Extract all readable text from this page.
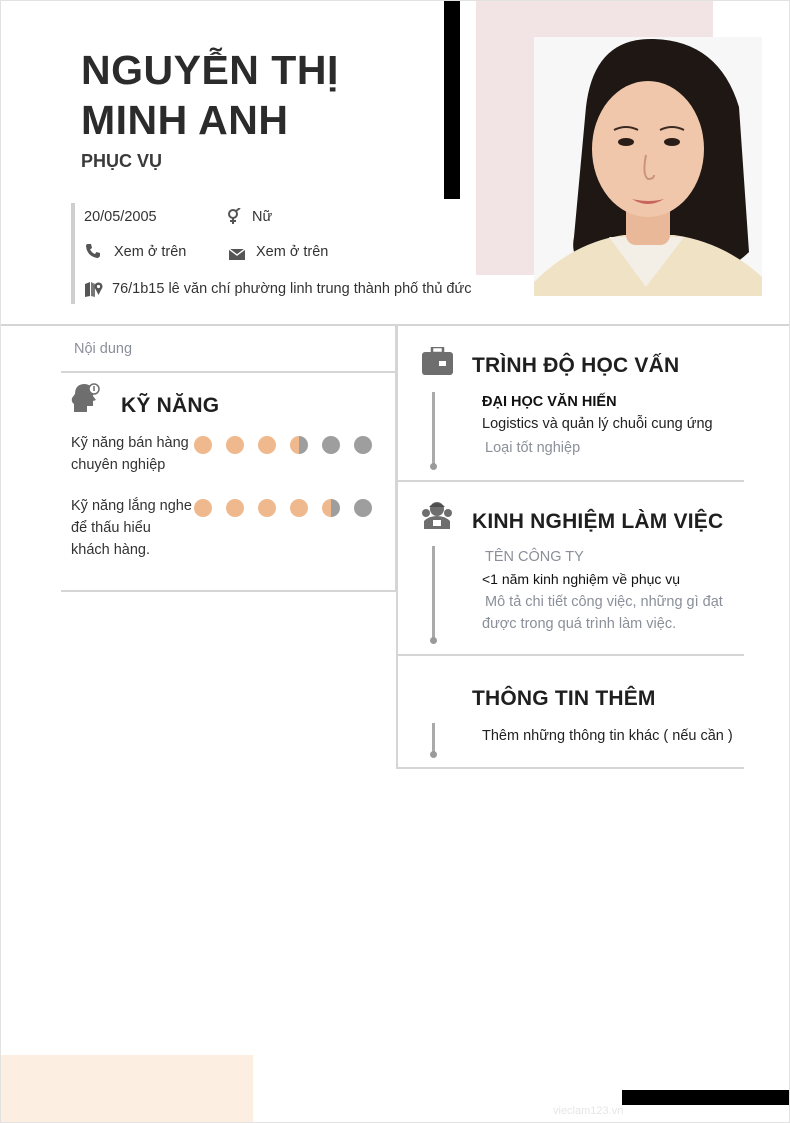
NGUYỄN THỊ
MINH ANH
PHỤC VỤ
20/05/2005	Nữ
Xem ở trên	Xem ở trên
76/1b15 lê văn chí phường linh trung thành phố thủ đức
Nội dung
KỸ NĂNG
Kỹ năng bán hàng chuyên nghiệp
Kỹ năng lắng nghe để thấu hiểu khách hàng.
TRÌNH ĐỘ HỌC VẤN
ĐẠI HỌC VĂN HIẾN
Logistics và quản lý chuỗi cung ứng
Loại tốt nghiệp
KINH NGHIỆM LÀM VIỆC
TÊN CÔNG TY
<1 năm kinh nghiệm về phục vụ
Mô tả chi tiết công việc, những gì đạt được trong quá trình làm việc.
THÔNG TIN THÊM
Thêm những thông tin khác ( nếu cần )
vieclam123.vn
